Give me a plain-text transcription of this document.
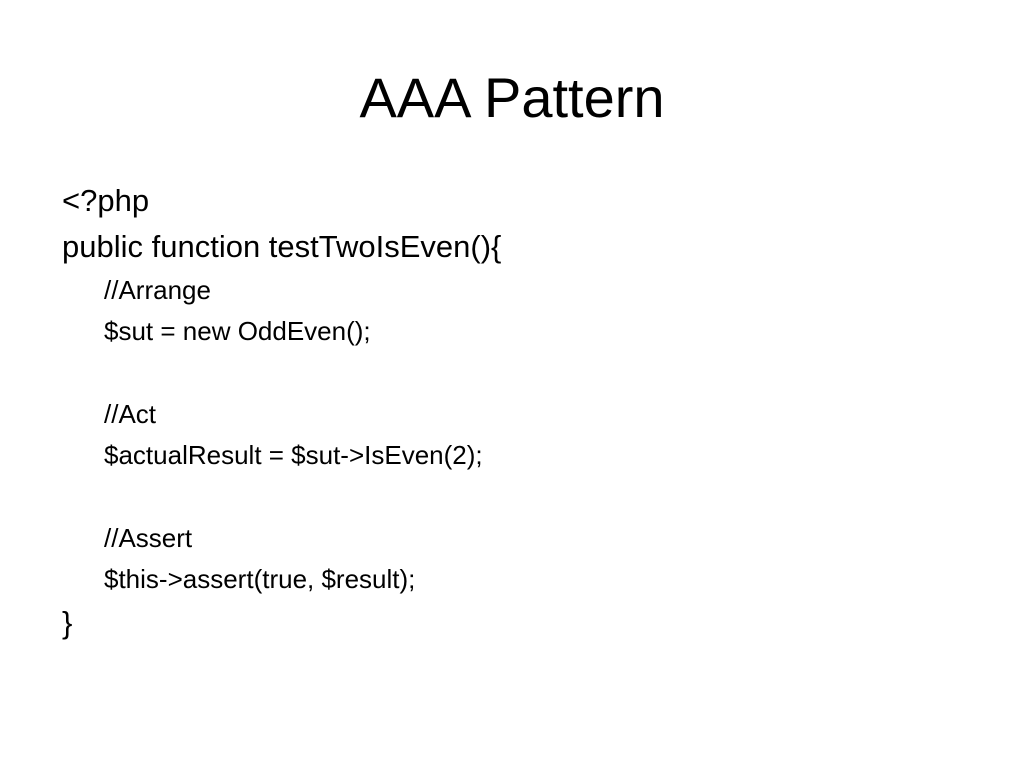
AAA Pattern
<?php
public function testTwoIsEven(){
//Arrange
$sut = new OddEven();
//Act
$actualResult = $sut->IsEven(2);
//Assert
$this->assert(true, $result);
}
